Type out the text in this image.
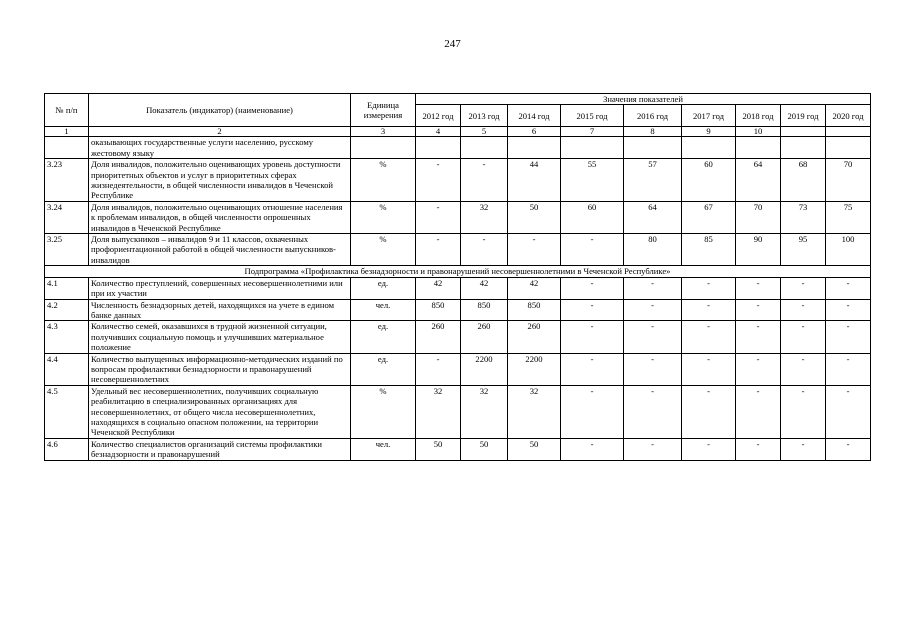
247
№ п/п	Показатель (индикатор) (наименование)	Единица измерения	Значения показателей								
			2012 год	2013 год	2014 год	2015 год	2016 год	2017 год	2018 год	2019 год	2020 год
1	2	3	4	5	6	7	8	9	10		
	оказывающих государственные услуги населению, русскому жестовому языку										
3.23	Доля инвалидов, положительно оценивающих уровень доступности приоритетных объектов и услуг в приоритетных сферах жизнедеятельности, в общей численности инвалидов в Чеченской Республике	%	-	-	44	55	57	60	64	68	70
3.24	Доля инвалидов, положительно оценивающих отношение населения к проблемам инвалидов, в общей численности опрошенных инвалидов в Чеченской Республике	%	-	32	50	60	64	67	70	73	75
3.25	Доля выпускников – инвалидов 9 и 11 классов, охваченных профориентационной работой в общей численности выпускников-инвалидов	%	-	-	-	-	80	85	90	95	100
Подпрограмма «Профилактика безнадзорности и правонарушений несовершеннолетними в Чеченской Республике»											
4.1	Количество преступлений, совершенных несовершеннолетними или при их участии	ед.	42	42	42	-	-	-	-	-	-
4.2	Численность безнадзорных детей, находящихся на учете в едином банке данных	чел.	850	850	850	-	-	-	-	-	-
4.3	Количество семей, оказавшихся в трудной жизненной ситуации, получивших социальную помощь и улучшивших материальное положение	ед.	260	260	260	-	-	-	-	-	-
4.4	Количество выпущенных информационно-методических изданий по вопросам профилактики безнадзорности и правонарушений несовершеннолетних	ед.	-	2200	2200	-	-	-	-	-	-
4.5	Удельный вес несовершеннолетних, получивших социальную реабилитацию в специализированных организациях для несовершеннолетних, от общего числа несовершеннолетних, находящихся в социально опасном положении, на территории Чеченской Республики	%	32	32	32	-	-	-	-	-	-
4.6	Количество специалистов организаций системы профилактики безнадзорности и правонарушений	чел.	50	50	50	-	-	-	-	-	-
